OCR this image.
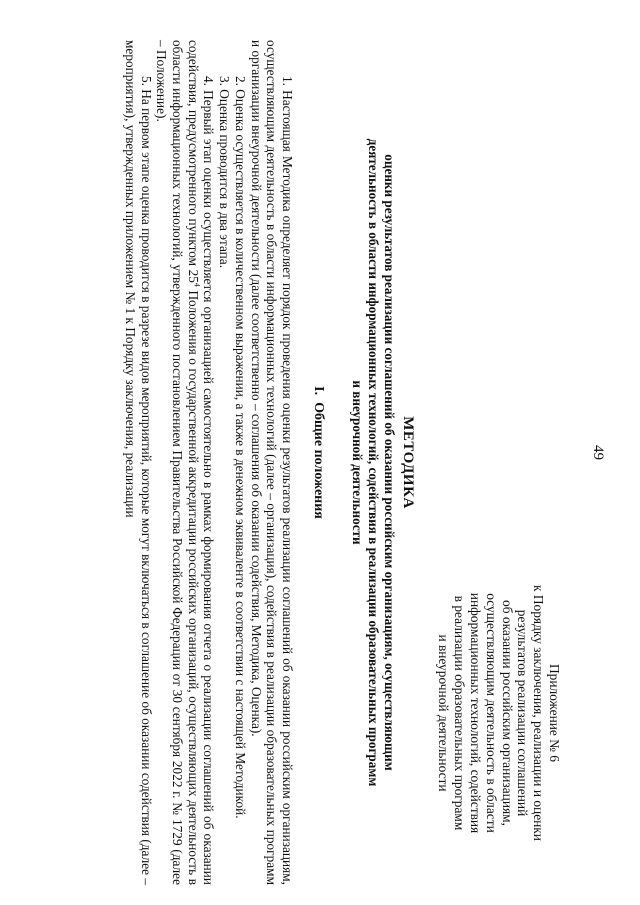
49
Приложение № 6
к Порядку заключения, реализации и оценки
результатов реализации соглашений
об оказании российским организациям,
осуществляющим деятельность в области
информационных технологий, содействия
в реализации образовательных программ
и внеурочной деятельности
МЕТОДИКА
оценки результатов реализации соглашений об оказании российским организациям, осуществляющим
деятельность в области информационных технологий, содействия в реализации образовательных программ
и внеурочной деятельности
I.  Общие положения

1. Настоящая Методика определяет порядок проведения оценки результатов реализации соглашений об оказании российским организациям, осуществляющим деятельность в области информационных технологий (далее – организация), содействия в реализации образовательных программ и организации внеурочной деятельности (далее соответственно – соглашения об оказании содействия, Методика, Оценка).

2. Оценка осуществляется в количественном выражении, а также в денежном эквиваленте в соответствии с настоящей Методикой.

3. Оценка проводится в два этапа.

4. Первый этап оценки осуществляется организацией самостоятельно в рамках формирования отчета о реализации соглашений об оказании содействия, предусмотренного пунктом $25^4$ Положения о государственной аккредитации российских организаций, осуществляющих деятельность в области информационных технологий, утвержденного постановлением Правительства Российской Федерации от 30 сентября 2022 г. № 1729 (далее – Положение).

5. На первом этапе оценка проводится в разрезе видов мероприятий, которые могут включаться в соглашение об оказании содействия (далее – мероприятия), утвержденных приложением № 1 к Порядку заключения, реализации
